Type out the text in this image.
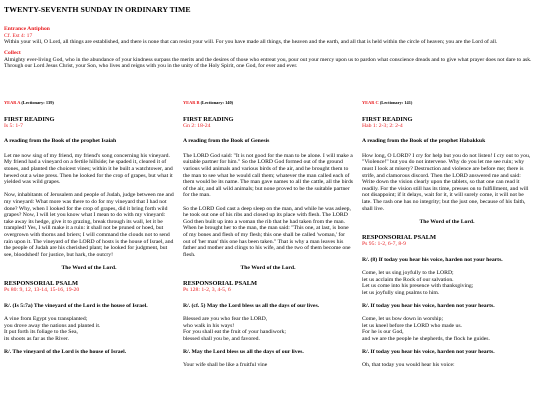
TWENTY-SEVENTH SUNDAY IN ORDINARY TIME
Entrance Antiphon
Cf. Est 4: 17
Within your will, O Lord, all things are established, and there is none that can resist your will. For you have made all things, the heaven and the earth, and all that is held within the circle of heaven; you are the Lord of all.
Collect
Almighty ever-living God, who in the abundance of your kindness surpass the merits and the desires of those who entreat you, pour out your mercy upon us to pardon what conscience dreads and to give what prayer does not dare to ask. Through our Lord Jesus Christ, your Son, who lives and reigns with you in the unity of the Holy Spirit, one God, for ever and ever.
YEAR A (Lectionary: 139)
FIRST READING
Is 5: 1-7
A reading from the Book of the prophet Isaiah
Let me now sing of my friend, my friend's song concerning his vineyard. My friend had a vineyard on a fertile hillside; he spaded it, cleared it of stones, and planted the choicest vines; within it he built a watchtower, and hewed out a wine press. Then he looked for the crop of grapes, but what it yielded was wild grapes.
Now, inhabitants of Jerusalem and people of Judah, judge between me and my vineyard: What more was there to do for my vineyard that I had not done? Why, when I looked for the crop of grapes, did it bring forth wild grapes? Now, I will let you know what I mean to do with my vineyard: take away its hedge, give it to grazing, break through its wall, let it be trampled! Yes, I will make it a ruin: it shall not be pruned or hoed, but overgrown with thorns and briers; I will command the clouds not to send rain upon it. The vineyard of the LORD of hosts is the house of Israel, and the people of Judah are his cherished plant; he looked for judgment, but see, bloodshed! for justice, but hark, the outcry!
The Word of the Lord.
RESPONSORIAL PSALM
Ps 80: 9, 12, 13-14, 15-16, 19-20
R/. (Is 5:7a) The vineyard of the Lord is the house of Israel.
A vine from Egypt you transplanted;
you drove away the nations and planted it.
It put forth its foliage to the Sea,
its shoots as far as the River.
R/. The vineyard of the Lord is the house of Israel.
YEAR B (Lectionary: 140)
FIRST READING
Gn 2: 18-24
A reading from the Book of Genesis
The LORD God said: "It is not good for the man to be alone. I will make a suitable partner for him." So the LORD God formed out of the ground various wild animals and various birds of the air, and he brought them to the man to see what he would call them; whatever the man called each of them would be its name. The man gave names to all the cattle, all the birds of the air, and all wild animals; but none proved to be the suitable partner for the man.
So the LORD God cast a deep sleep on the man, and while he was asleep, he took out one of his ribs and closed up its place with flesh. The LORD God then built up into a woman the rib that he had taken from the man. When he brought her to the man, the man said: "This one, at last, is bone of my bones and flesh of my flesh; this one shall be called 'woman,' for out of 'her man' this one has been taken." That is why a man leaves his father and mother and clings to his wife, and the two of them become one flesh.
The Word of the Lord.
RESPONSORIAL PSALM
Ps 128: 1-2, 3, 4-5, 6
R/. (cf. 5) May the Lord bless us all the days of our lives.
Blessed are you who fear the LORD,
who walk in his ways!
For you shall eat the fruit of your handiwork;
blessed shall you be, and favored.
R/. May the Lord bless us all the days of our lives.
Your wife shall be like a fruitful vine
YEAR C (Lectionary: 141)
FIRST READING
Hab 1: 2-3; 2: 2-4
A reading from the Book of the prophet Habakkuk
How long, O LORD? I cry for help but you do not listen! I cry out to you, "Violence!" but you do not intervene. Why do you let me see ruin; why must I look at misery? Destruction and violence are before me; there is strife, and clamorous discord. Then the LORD answered me and said: Write down the vision clearly upon the tablets, so that one can read it readily. For the vision still has its time, presses on to fulfillment, and will not disappoint; if it delays, wait for it, it will surely come, it will not be late. The rash one has no integrity; but the just one, because of his faith, shall live.
The Word of the Lord.
RESPONSORIAL PSALM
Ps 95: 1-2, 6-7, 8-9
R/. (8) If today you hear his voice, harden not your hearts.
Come, let us sing joyfully to the LORD;
let us acclaim the Rock of our salvation.
Let us come into his presence with thanksgiving;
let us joyfully sing psalms to him.
R/. If today you hear his voice, harden not your hearts.
Come, let us bow down in worship;
let us kneel before the LORD who made us.
For he is our God,
and we are the people he shepherds, the flock he guides.
R/. If today you hear his voice, harden not your hearts.
Oh, that today you would hear his voice:
